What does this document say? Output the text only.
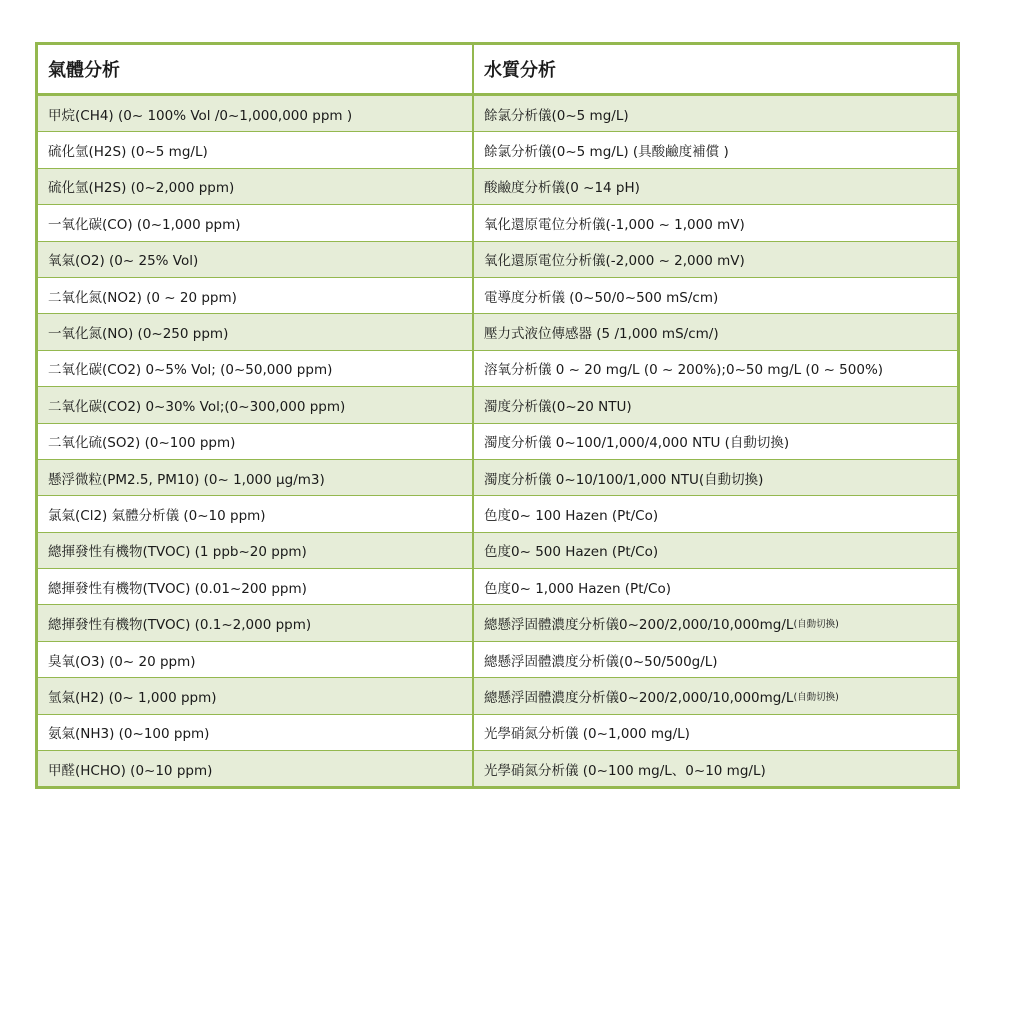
氣體分析	水質分析
甲烷(CH4) (0~ 100% Vol /0~1,000,000 ppm )	餘氯分析儀(0~5 mg/L)
硫化氫(H2S) (0~5 mg/L)	餘氯分析儀(0~5 mg/L) (具酸鹼度補償 )
硫化氫(H2S) (0~2,000 ppm)	酸鹼度分析儀(0 ~14 pH)
一氧化碳(CO) (0~1,000 ppm)	氧化還原電位分析儀(-1,000 ~ 1,000 mV)
氧氣(O2) (0~ 25% Vol)	氧化還原電位分析儀(-2,000 ~ 2,000 mV)
二氧化氮(NO2) (0 ~ 20 ppm)	電導度分析儀 (0~50/0~500 mS/cm)
一氧化氮(NO) (0~250 ppm)	壓力式液位傳感器 (5 /1,000 mS/cm/)
二氧化碳(CO2) 0~5% Vol; (0~50,000 ppm)	溶氧分析儀 0 ~ 20 mg/L (0 ~ 200%);0~50 mg/L (0 ~ 500%)
二氧化碳(CO2) 0~30% Vol;(0~300,000 ppm)	濁度分析儀(0~20 NTU)
二氧化硫(SO2) (0~100 ppm)	濁度分析儀 0~100/1,000/4,000 NTU (自動切換)
懸浮微粒(PM2.5, PM10) (0~ 1,000 μg/m3)	濁度分析儀 0~10/100/1,000 NTU(自動切換)
氯氣(Cl2) 氣體分析儀 (0~10 ppm)	色度0~ 100 Hazen (Pt/Co)
總揮發性有機物(TVOC) (1 ppb~20 ppm)	色度0~ 500 Hazen (Pt/Co)
總揮發性有機物(TVOC) (0.01~200 ppm)	色度0~ 1,000 Hazen (Pt/Co)
總揮發性有機物(TVOC) (0.1~2,000 ppm)	總懸浮固體濃度分析儀0~200/2,000/10,000mg/L (自動切換)
臭氧(O3) (0~ 20 ppm)	總懸浮固體濃度分析儀(0~50/500g/L)
氫氣(H2) (0~ 1,000 ppm)	總懸浮固體濃度分析儀0~200/2,000/10,000mg/L (自動切換)
氨氣(NH3) (0~100 ppm)	光學硝氮分析儀 (0~1,000 mg/L)
甲醛(HCHO) (0~10 ppm)	光學硝氮分析儀 (0~100 mg/L、0~10 mg/L)
